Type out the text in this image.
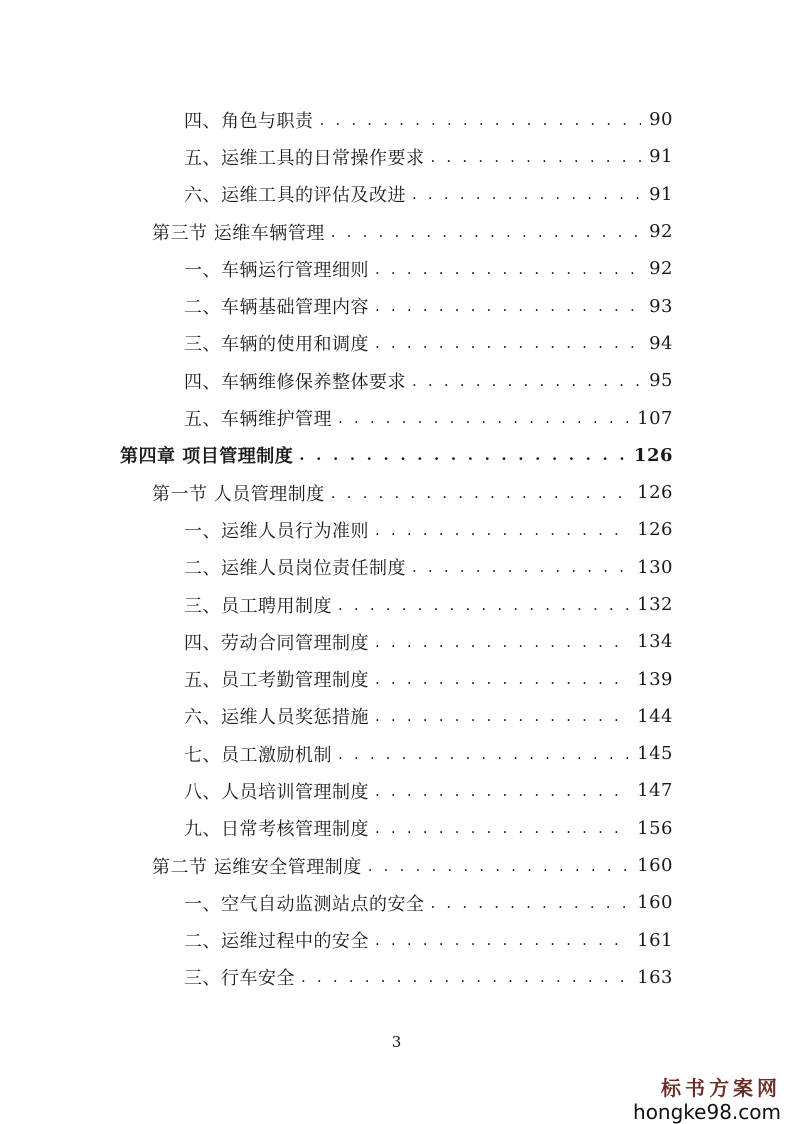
四、角色与职责 . . .	90
五、运维工具的日常操作要求 . . .	91
六、运维工具的评估及改进 . . .	91
第三节 运维车辆管理 . . .	92
一、车辆运行管理细则 . . .	92
二、车辆基础管理内容 . . .	93
三、车辆的使用和调度 . . .	94
四、车辆维修保养整体要求 . . .	95
五、车辆维护管理 . . .	107
第四章 项目管理制度 . . .	126
第一节 人员管理制度 . . .	126
一、运维人员行为准则 . . .	126
二、运维人员岗位责任制度 . . .	130
三、员工聘用制度 . . .	132
四、劳动合同管理制度 . . .	134
五、员工考勤管理制度 . . .	139
六、运维人员奖惩措施 . . .	144
七、员工激励机制 . . .	145
八、人员培训管理制度 . . .	147
九、日常考核管理制度 . . .	156
第二节 运维安全管理制度 . . .	160
一、空气自动监测站点的安全 . . .	160
二、运维过程中的安全 . . .	161
三、行车安全 . . .	163
3
标书方案网
hongke98.com
